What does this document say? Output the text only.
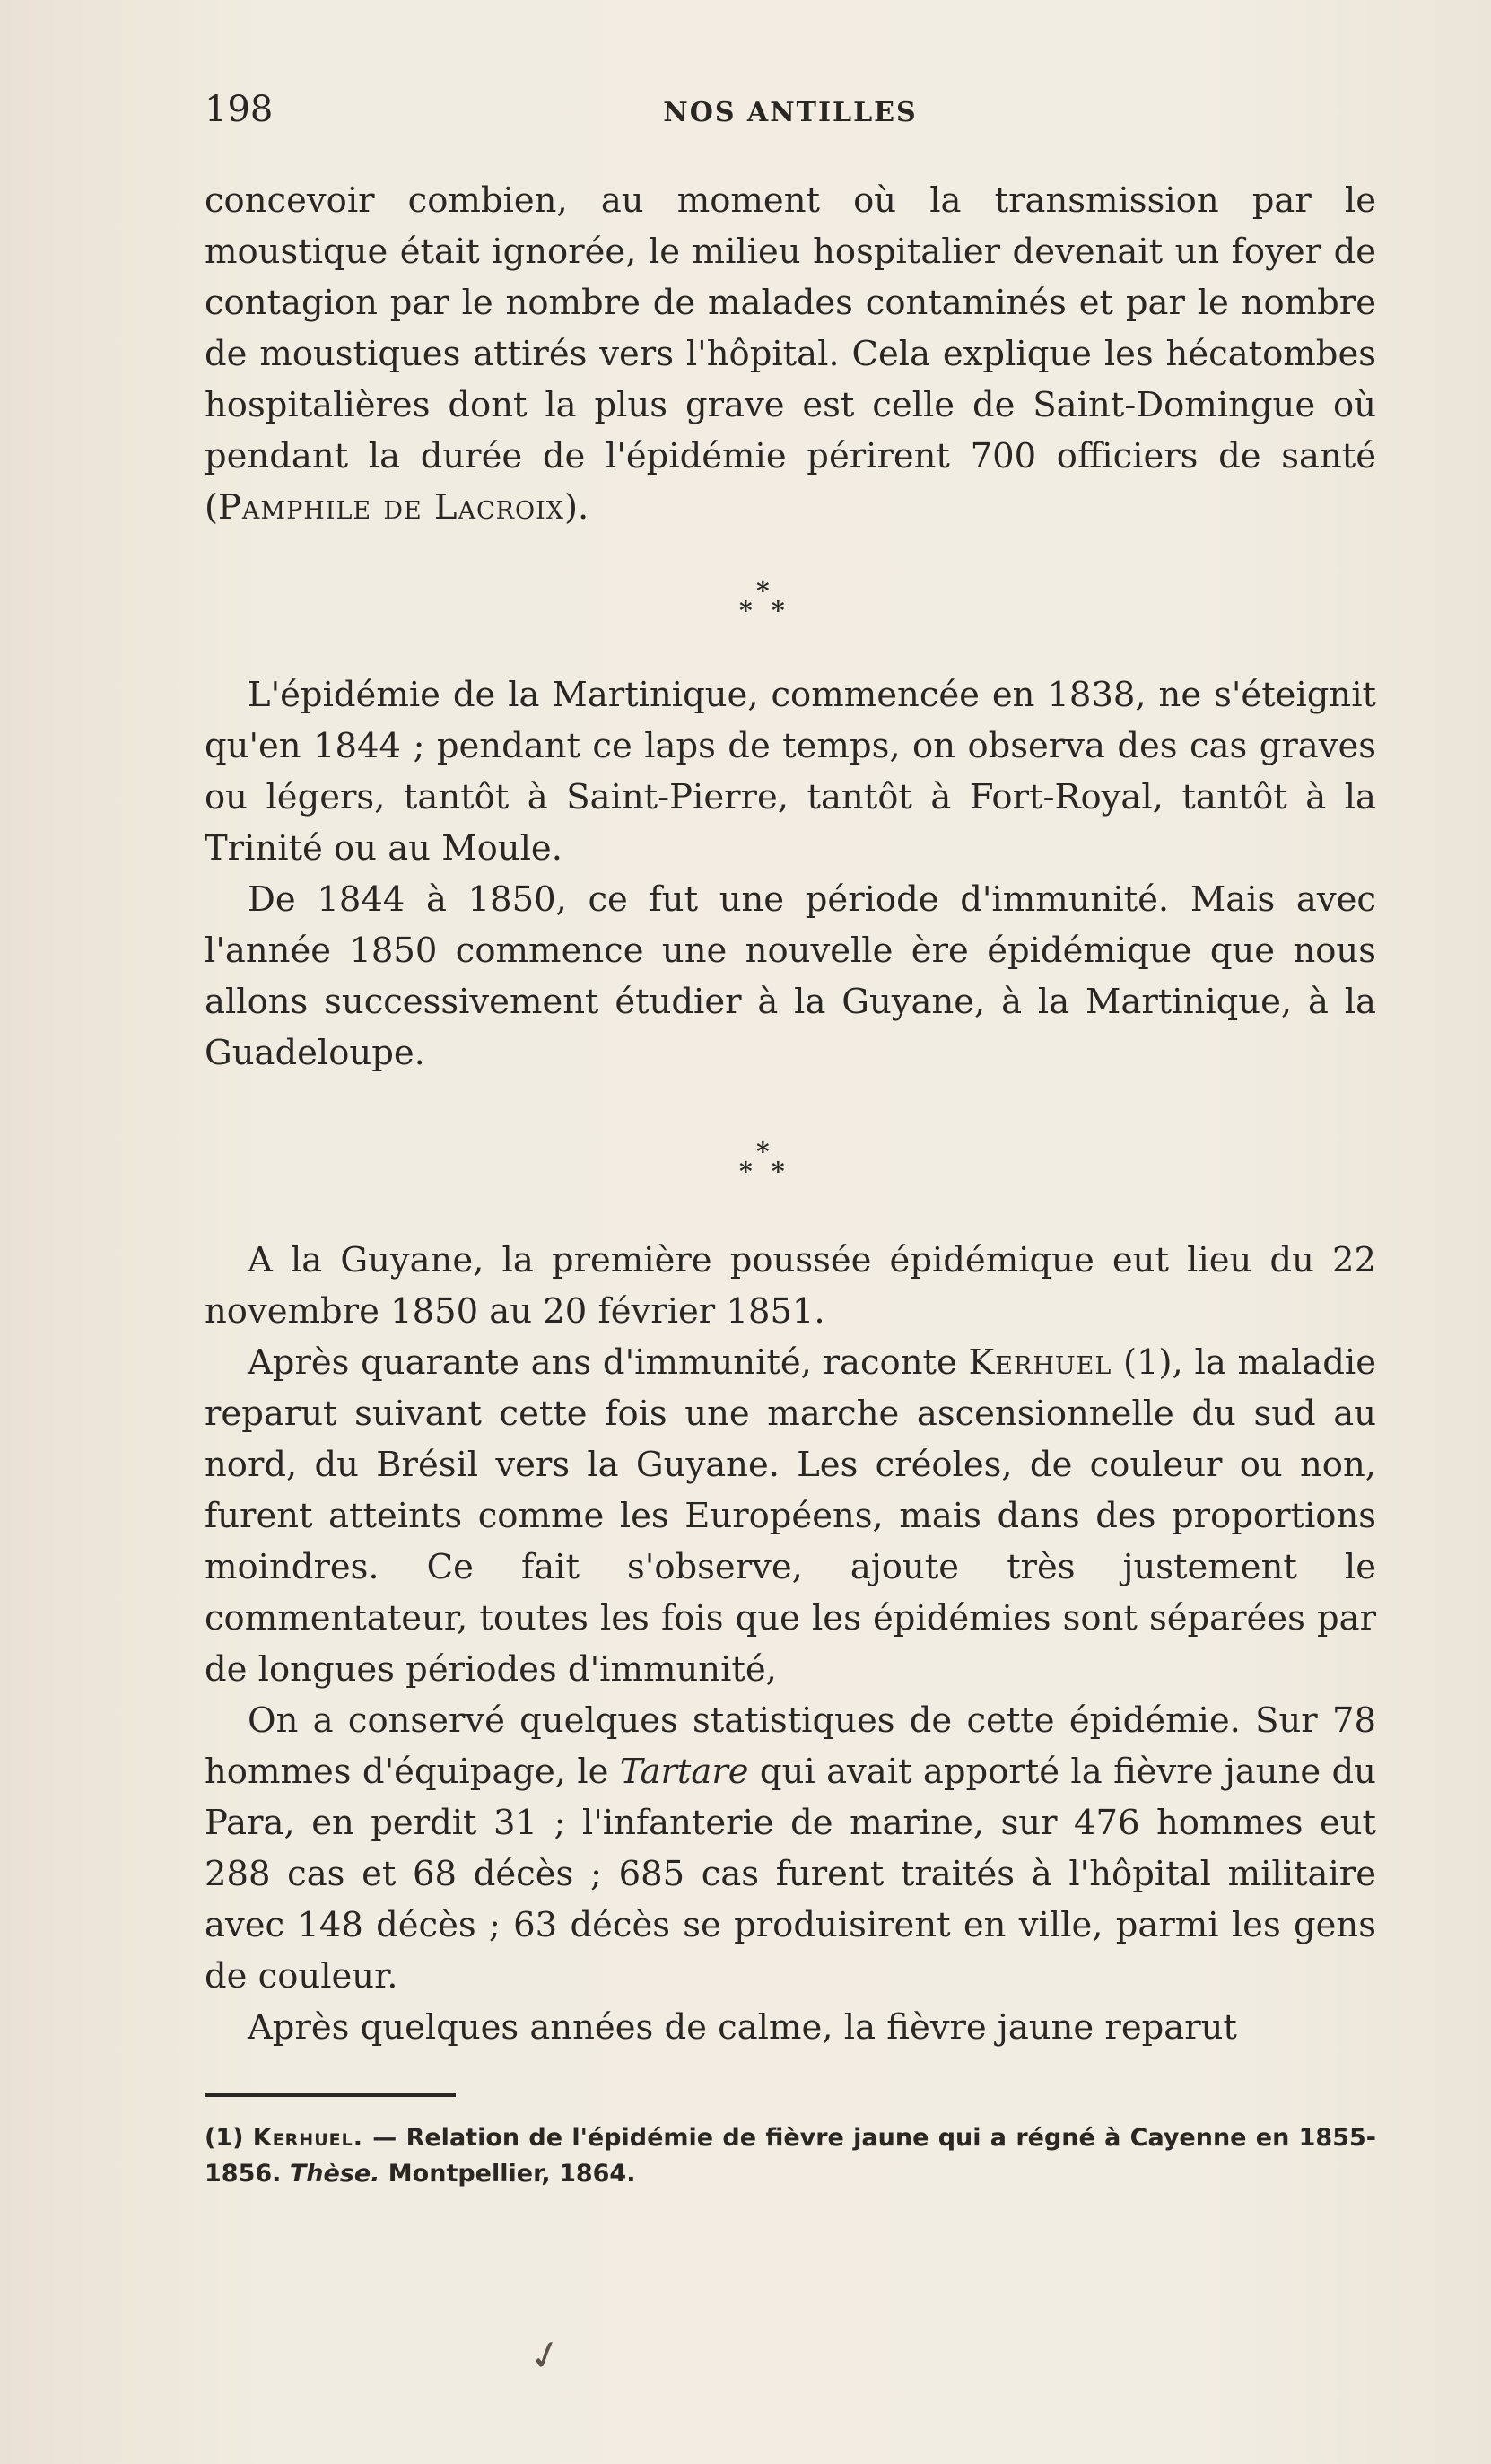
198	NOS ANTILLES

concevoir combien, au moment où la transmission par le moustique était ignorée, le milieu hospitalier devenait un foyer de contagion par le nombre de malades contaminés et par le nombre de moustiques attirés vers l'hôpital. Cela explique les hécatombes hospitalières dont la plus grave est celle de Saint-Domingue où pendant la durée de l'épidémie périrent 700 officiers de santé (Pamphile de Lacroix).

*
* *

L'épidémie de la Martinique, commencée en 1838, ne s'éteignit qu'en 1844 ; pendant ce laps de temps, on observa des cas graves ou légers, tantôt à Saint-Pierre, tantôt à Fort-Royal, tantôt à la Trinité ou au Moule.

De 1844 à 1850, ce fut une période d'immunité. Mais avec l'année 1850 commence une nouvelle ère épidémique que nous allons successivement étudier à la Guyane, à la Martinique, à la Guadeloupe.

*
* *

A la Guyane, la première poussée épidémique eut lieu du 22 novembre 1850 au 20 février 1851.

Après quarante ans d'immunité, raconte Kerhuel (1), la maladie reparut suivant cette fois une marche ascensionnelle du sud au nord, du Brésil vers la Guyane. Les créoles, de couleur ou non, furent atteints comme les Européens, mais dans des proportions moindres. Ce fait s'observe, ajoute très justement le commentateur, toutes les fois que les épidémies sont séparées par de longues périodes d'immunité,

On a conservé quelques statistiques de cette épidémie. Sur 78 hommes d'équipage, le Tartare qui avait apporté la fièvre jaune du Para, en perdit 31 ; l'infanterie de marine, sur 476 hommes eut 288 cas et 68 décès ; 685 cas furent traités à l'hôpital militaire avec 148 décès ; 63 décès se produisirent en ville, parmi les gens de couleur.

Après quelques années de calme, la fièvre jaune reparut

(1) Kerhuel. — Relation de l'épidémie de fièvre jaune qui a régné à Cayenne en 1855-1856. Thèse. Montpellier, 1864.

✓
